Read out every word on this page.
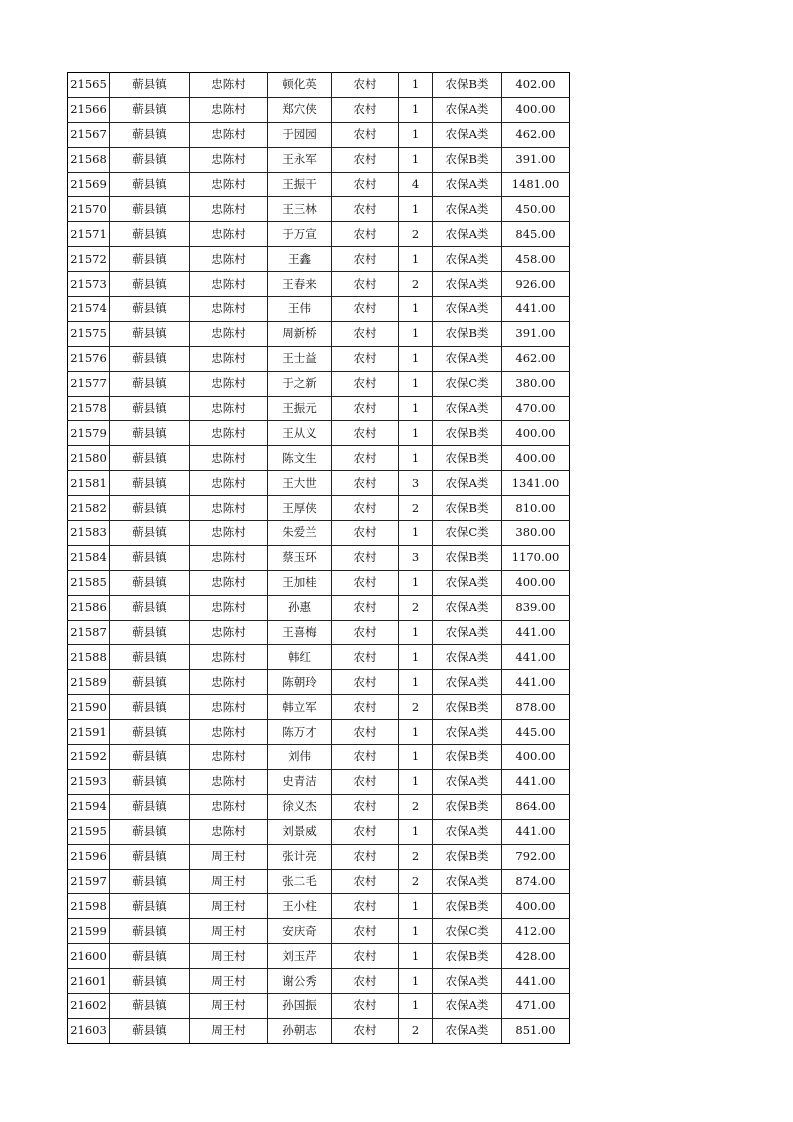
21565	蕲县镇	忠陈村	顿化英	农村	1	农保B类	402.00
21566	蕲县镇	忠陈村	郑穴侠	农村	1	农保A类	400.00
21567	蕲县镇	忠陈村	于园园	农村	1	农保A类	462.00
21568	蕲县镇	忠陈村	王永军	农村	1	农保B类	391.00
21569	蕲县镇	忠陈村	王振干	农村	4	农保A类	1481.00
21570	蕲县镇	忠陈村	王三林	农村	1	农保A类	450.00
21571	蕲县镇	忠陈村	于万宣	农村	2	农保A类	845.00
21572	蕲县镇	忠陈村	王鑫	农村	1	农保A类	458.00
21573	蕲县镇	忠陈村	王春来	农村	2	农保A类	926.00
21574	蕲县镇	忠陈村	王伟	农村	1	农保A类	441.00
21575	蕲县镇	忠陈村	周新桥	农村	1	农保B类	391.00
21576	蕲县镇	忠陈村	王士益	农村	1	农保A类	462.00
21577	蕲县镇	忠陈村	于之新	农村	1	农保C类	380.00
21578	蕲县镇	忠陈村	王振元	农村	1	农保A类	470.00
21579	蕲县镇	忠陈村	王从义	农村	1	农保B类	400.00
21580	蕲县镇	忠陈村	陈文生	农村	1	农保B类	400.00
21581	蕲县镇	忠陈村	王大世	农村	3	农保A类	1341.00
21582	蕲县镇	忠陈村	王厚侠	农村	2	农保B类	810.00
21583	蕲县镇	忠陈村	朱爱兰	农村	1	农保C类	380.00
21584	蕲县镇	忠陈村	蔡玉环	农村	3	农保B类	1170.00
21585	蕲县镇	忠陈村	王加桂	农村	1	农保A类	400.00
21586	蕲县镇	忠陈村	孙惠	农村	2	农保A类	839.00
21587	蕲县镇	忠陈村	王喜梅	农村	1	农保A类	441.00
21588	蕲县镇	忠陈村	韩红	农村	1	农保A类	441.00
21589	蕲县镇	忠陈村	陈朝玲	农村	1	农保A类	441.00
21590	蕲县镇	忠陈村	韩立军	农村	2	农保B类	878.00
21591	蕲县镇	忠陈村	陈万才	农村	1	农保A类	445.00
21592	蕲县镇	忠陈村	刘伟	农村	1	农保B类	400.00
21593	蕲县镇	忠陈村	史青洁	农村	1	农保A类	441.00
21594	蕲县镇	忠陈村	徐义杰	农村	2	农保B类	864.00
21595	蕲县镇	忠陈村	刘景威	农村	1	农保A类	441.00
21596	蕲县镇	周王村	张计亮	农村	2	农保B类	792.00
21597	蕲县镇	周王村	张二毛	农村	2	农保A类	874.00
21598	蕲县镇	周王村	王小柱	农村	1	农保B类	400.00
21599	蕲县镇	周王村	安庆奇	农村	1	农保C类	412.00
21600	蕲县镇	周王村	刘玉芹	农村	1	农保B类	428.00
21601	蕲县镇	周王村	谢公秀	农村	1	农保A类	441.00
21602	蕲县镇	周王村	孙国振	农村	1	农保A类	471.00
21603	蕲县镇	周王村	孙朝志	农村	2	农保A类	851.00
